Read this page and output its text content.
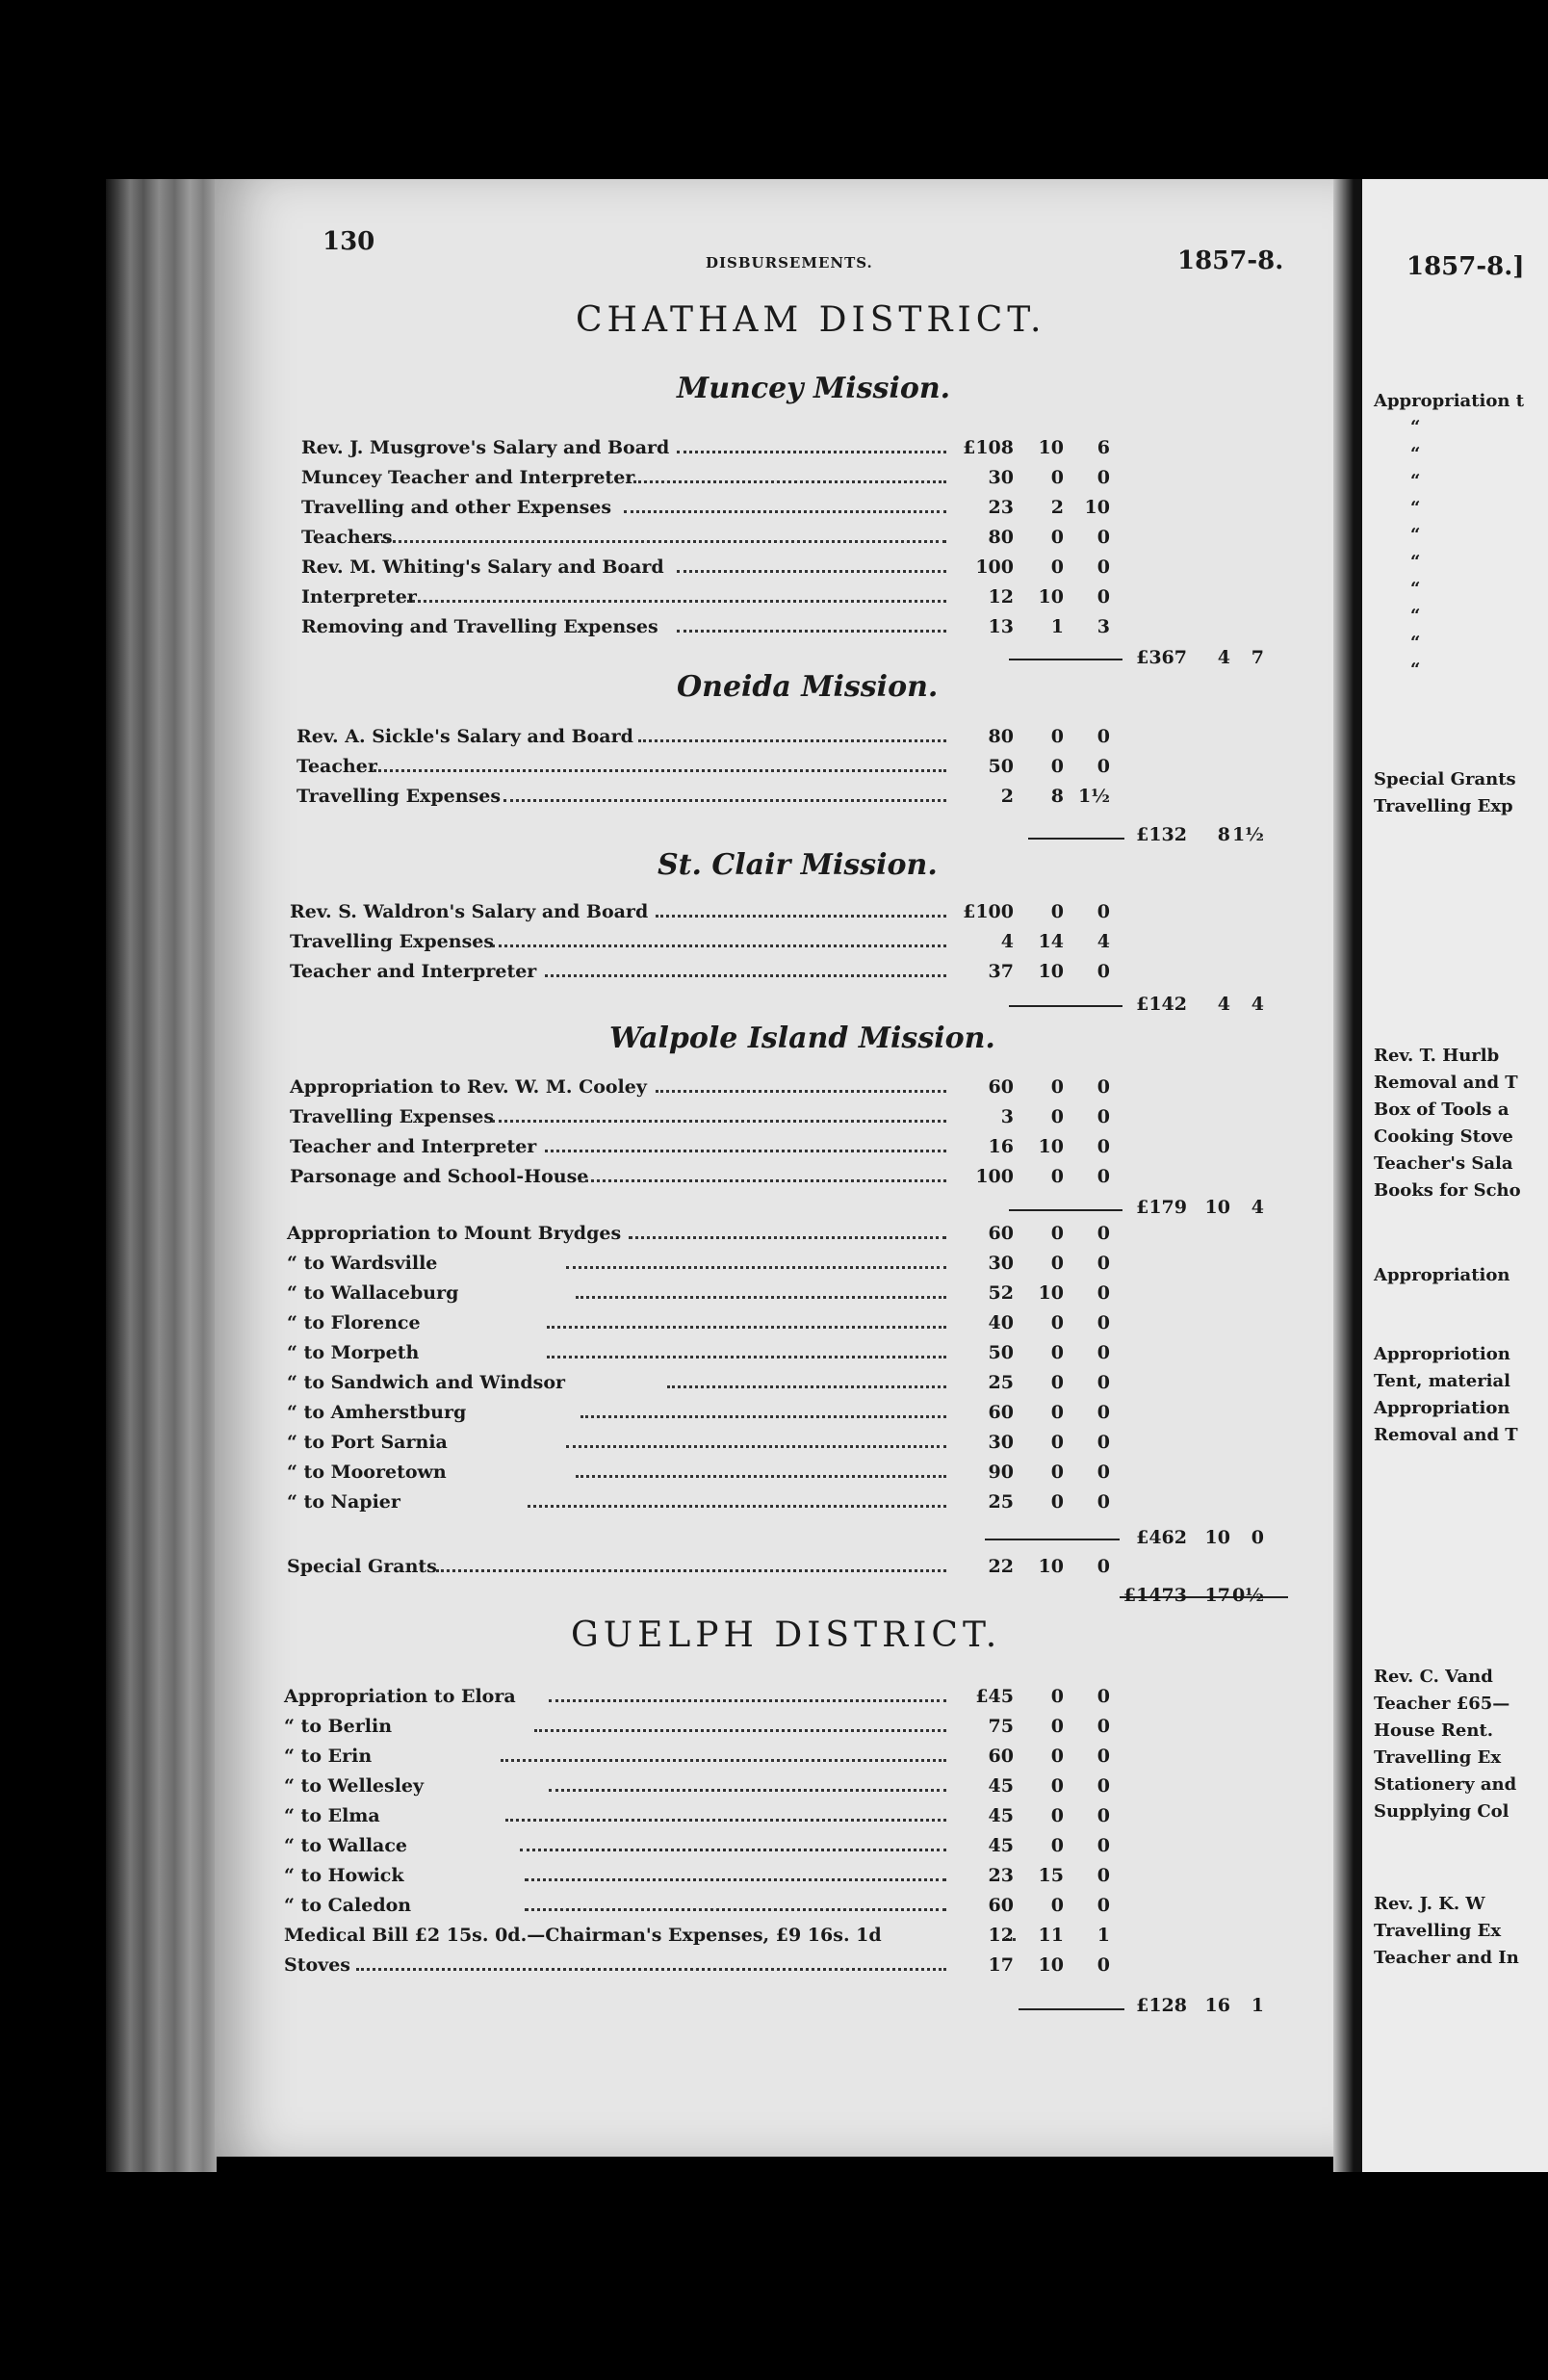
130
DISBURSEMENTS.	1857-8.
CHATHAM DISTRICT.
Muncey Mission.
Rev. J. Musgrove's Salary and Board	£108 10 6
Muncey Teacher and Interpreter	30 0 0
Travelling and other Expenses	23 2 10
Teachers	80 0 0
Rev. M. Whiting's Salary and Board	100 0 0
Interpreter	12 10 0
Removing and Travelling Expenses	13 1 3
£367 4 7
Oneida Mission.
Rev. A. Sickle's Salary and Board	80 0 0
Teacher	50 0 0
Travelling Expenses	2 8 1½
£132 8 1½
St. Clair Mission.
Rev. S. Waldron's Salary and Board	£100 0 0
Travelling Expenses	4 14 4
Teacher and Interpreter	37 10 0
£142 4 4
Walpole Island Mission.
Appropriation to Rev. W. M. Cooley	60 0 0
Travelling Expenses	3 0 0
Teacher and Interpreter	16 10 0
Parsonage and School-House	100 0 0
£179 10 4
Appropriation to Mount Brydges	60 0 0
“ to Wardsville	30 0 0
“ to Wallaceburg	52 10 0
“ to Florence	40 0 0
“ to Morpeth	50 0 0
“ to Sandwich and Windsor	25 0 0
“ to Amherstburg	60 0 0
“ to Port Sarnia	30 0 0
“ to Mooretown	90 0 0
“ to Napier	25 0 0
£462 10 0
Special Grants	22 10 0
£1473 17 0½
GUELPH DISTRICT.
Appropriation to Elora	£45 0 0
“ to Berlin	75 0 0
“ to Erin	60 0 0
“ to Wellesley	45 0 0
“ to Elma	45 0 0
“ to Wallace	45 0 0
“ to Howick	23 15 0
“ to Caledon	60 0 0
Medical Bill £2 15s. 0d.—Chairman's Expenses, £9 16s. 1d	12 11 1
Stoves	17 10 0
£128 16 1
1857-8.]
Appropriation t
“
“
“
“
“
“
“
“
“
“
Special Grants
Travelling Exp
Rev. T. Hurlb
Removal and T
Box of Tools a
Cooking Stove
Teacher's Sala
Books for Scho
Appropriation
Appropriotion
Tent, material
Appropriation
Removal and T
Rev. C. Vand
Teacher £65—
House Rent.
Travelling Ex
Stationery and
Supplying Col
Rev. J. K. W
Travelling Ex
Teacher and In
